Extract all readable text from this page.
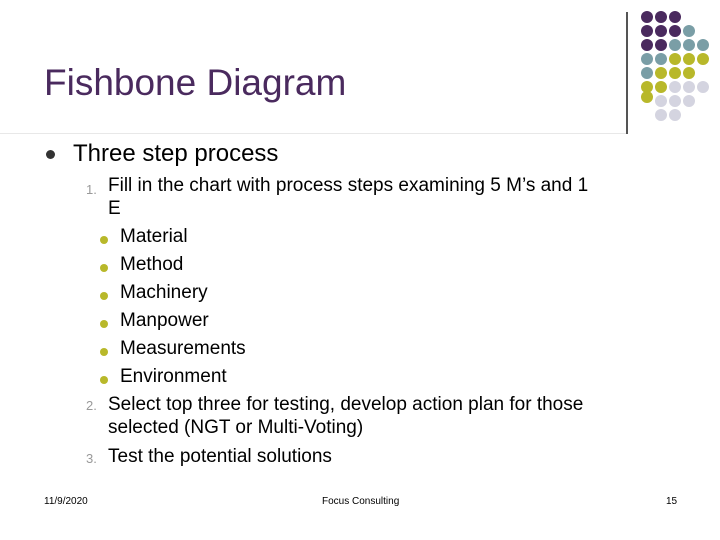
Fishbone Diagram
Three step process
1. Fill in the chart with process steps examining 5 M’s and 1
E
Material
Method
Machinery
Manpower
Measurements
Environment
2. Select top three for testing, develop action plan for those
selected (NGT or Multi-Voting)
3. Test the potential solutions
11/9/2020	Focus Consulting	15
